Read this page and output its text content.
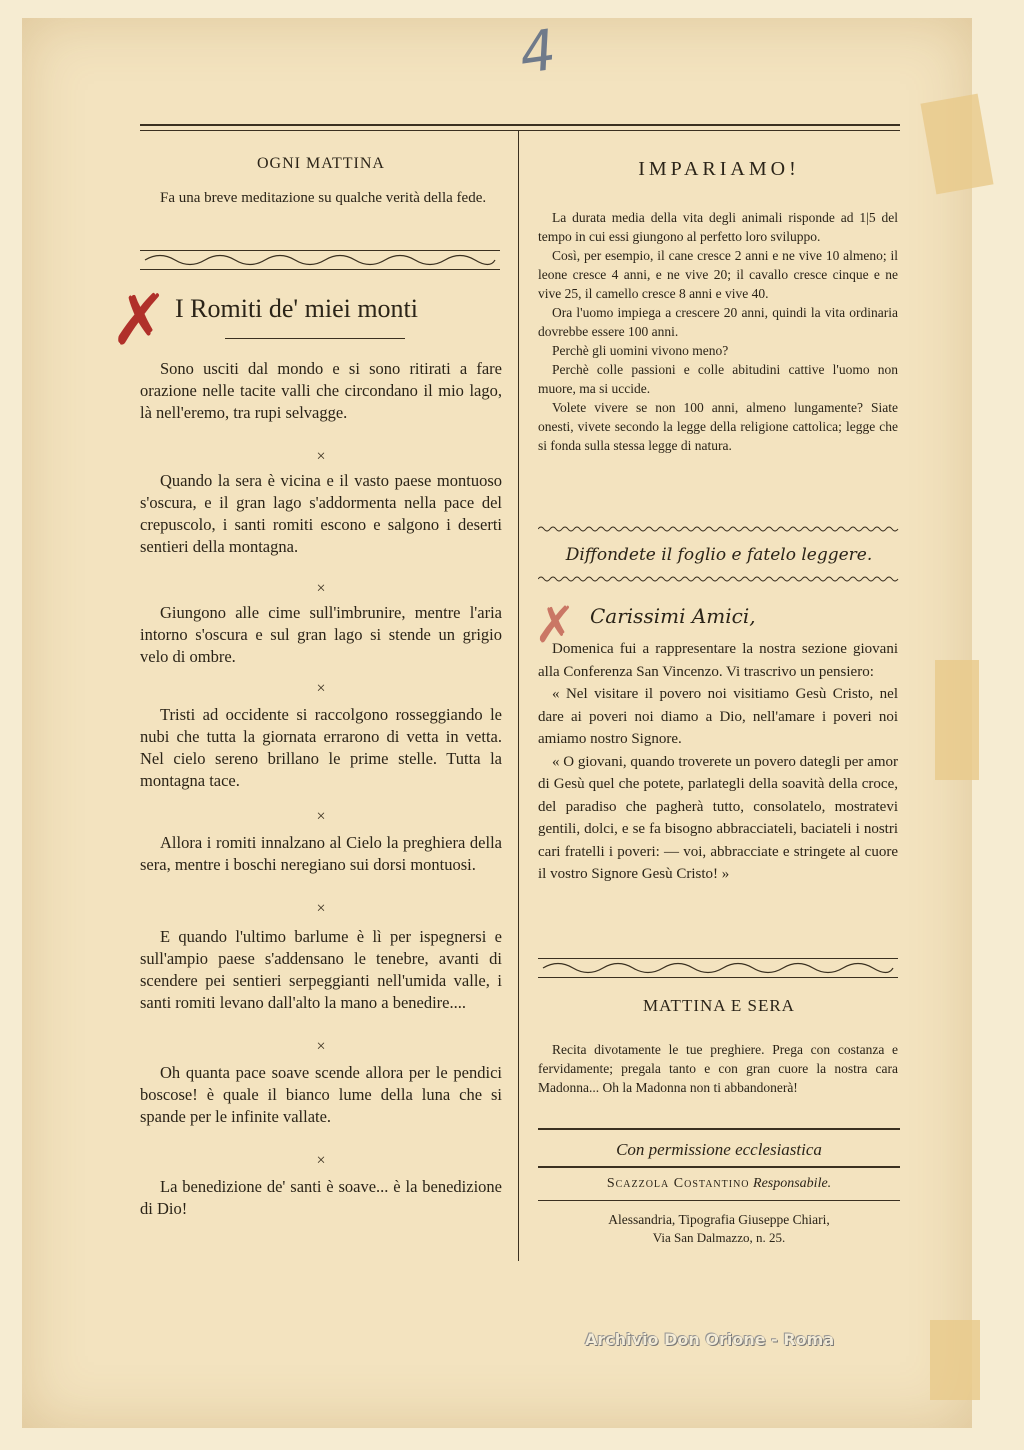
4
OGNI MATTINA

Fa una breve meditazione su qualche verità della fede.

✗ I Romiti de' miei monti

Sono usciti dal mondo e si sono ritirati a fare orazione nelle tacite valli che circondano il mio lago, là nell'eremo, tra rupi selvagge.

×

Quando la sera è vicina e il vasto paese montuoso s'oscura, e il gran lago s'addormenta nella pace del crepuscolo, i santi romiti escono e salgono i deserti sentieri della montagna.

×

Giungono alle cime sull'imbrunire, mentre l'aria intorno s'oscura e sul gran lago si stende un grigio velo di ombre.

×

Tristi ad occidente si raccolgono rosseggiando le nubi che tutta la giornata errarono di vetta in vetta. Nel cielo sereno brillano le prime stelle. Tutta la montagna tace.

×

Allora i romiti innalzano al Cielo la preghiera della sera, mentre i boschi neregiano sui dorsi montuosi.

×

E quando l'ultimo barlume è lì per ispegnersi e sull'ampio paese s'addensano le tenebre, avanti di scendere pei sentieri serpeggianti nell'umida valle, i santi romiti levano dall'alto la mano a benedire....

×

Oh quanta pace soave scende allora per le pendici boscose! è quale il bianco lume della luna che si spande per le infinite vallate.

×

La benedizione de' santi è soave... è la benedizione di Dio!

IMPARIAMO!

La durata media della vita degli animali risponde ad 1|5 del tempo in cui essi giungono al perfetto loro sviluppo.

Così, per esempio, il cane cresce 2 anni e ne vive 10 almeno; il leone cresce 4 anni, e ne vive 20; il cavallo cresce cinque e ne vive 25, il camello cresce 8 anni e vive 40.

Ora l'uomo impiega a crescere 20 anni, quindi la vita ordinaria dovrebbe essere 100 anni.

Perchè gli uomini vivono meno?

Perchè colle passioni e colle abitudini cattive l'uomo non muore, ma si uccide.

Volete vivere se non 100 anni, almeno lungamente? Siate onesti, vivete secondo la legge della religione cattolica; legge che si fonda sulla stessa legge di natura.

Diffondete il foglio e fatelo leggere.
✗ Carissimi Amici,

Domenica fui a rappresentare la nostra sezione giovani alla Conferenza San Vincenzo. Vi trascrivo un pensiero:

« Nel visitare il povero noi visitiamo Gesù Cristo, nel dare ai poveri noi diamo a Dio, nell'amare i poveri noi amiamo nostro Signore.

« O giovani, quando troverete un povero dategli per amor di Gesù quel che potete, parlategli della soavità della croce, del paradiso che pagherà tutto, consolatelo, mostratevi gentili, dolci, e se fa bisogno abbracciateli, baciateli i nostri cari fratelli i poveri: — voi, abbracciate e stringete al cuore il vostro Signore Gesù Cristo! »

MATTINA E SERA

Recita divotamente le tue preghiere. Prega con costanza e fervidamente; pregala tanto e con gran cuore la nostra cara Madonna... Oh la Madonna non ti abbandonerà!

Con permissione ecclesiastica
Scazzola Costantino Responsabile.
Alessandria, Tipografia Giuseppe Chiari,
Via San Dalmazzo, n. 25.
Archivio Don Orione - Roma
